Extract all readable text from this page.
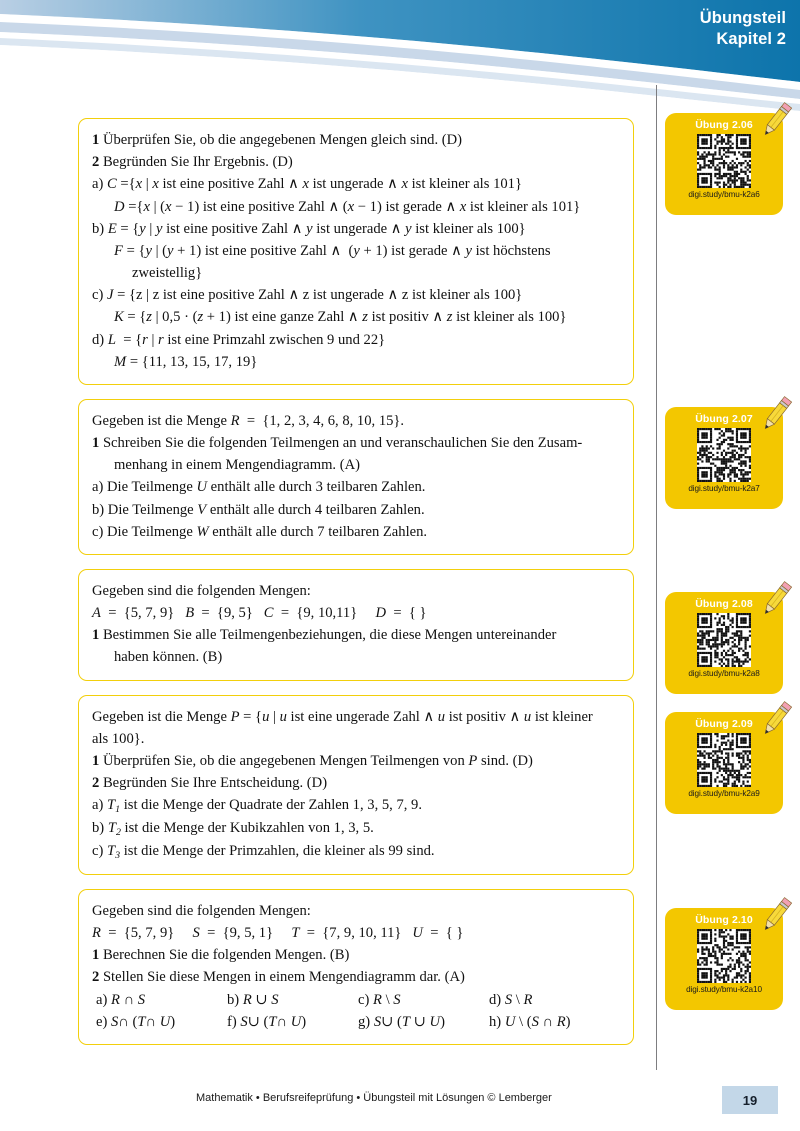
Übungsteil
Kapitel 2
1 Überprüfen Sie, ob die angegebenen Mengen gleich sind. (D)
2 Begründen Sie Ihr Ergebnis. (D)
a) C ={x | x ist eine positive Zahl ∧ x ist ungerade ∧ x ist kleiner als 101}
D ={x | (x − 1) ist eine positive Zahl ∧ (x − 1) ist gerade ∧ x ist kleiner als 101}
b) E = {y | y ist eine positive Zahl ∧ y ist ungerade ∧ y ist kleiner als 100}
F = {y | (y + 1) ist eine positive Zahl ∧  (y + 1) ist gerade ∧ y ist höchstens
zweistellig}
c) J = {z | z ist eine positive Zahl ∧ z ist ungerade ∧ z ist kleiner als 100}
K = {z | 0,5 · (z + 1) ist eine ganze Zahl ∧ z ist positiv ∧ z ist kleiner als 100}
d) L  = {r | r ist eine Primzahl zwischen 9 und 22}
M = {11, 13, 15, 17, 19}
Gegeben ist die Menge R  =  {1, 2, 3, 4, 6, 8, 10, 15}.
1 Schreiben Sie die folgenden Teilmengen an und veranschaulichen Sie den Zusam-
menhang in einem Mengendiagramm. (A)
a) Die Teilmenge U enthält alle durch 3 teilbaren Zahlen.
b) Die Teilmenge V enthält alle durch 4 teilbaren Zahlen.
c) Die Teilmenge W enthält alle durch 7 teilbaren Zahlen.
Gegeben sind die folgenden Mengen:
A  =  {5, 7, 9}   B  =  {9, 5}   C  =  {9, 10,11}     D  =  { }
1 Bestimmen Sie alle Teilmengenbeziehungen, die diese Mengen untereinander
haben können. (B)
Gegeben ist die Menge P = {u | u ist eine ungerade Zahl ∧ u ist positiv ∧ u ist kleiner
als 100}.
1 Überprüfen Sie, ob die angegebenen Mengen Teilmengen von P sind. (D)
2 Begründen Sie Ihre Entscheidung. (D)
a) $T_1$ ist die Menge der Quadrate der Zahlen 1, 3, 5, 7, 9.
b) $T_2$ ist die Menge der Kubikzahlen von 1, 3, 5.
c) $T_3$ ist die Menge der Primzahlen, die kleiner als 99 sind.
Gegeben sind die folgenden Mengen:
R  =  {5, 7, 9}     S  =  {9, 5, 1}     T  =  {7, 9, 10, 11}   U  =  { }
1 Berechnen Sie die folgenden Mengen. (B)
2 Stellen Sie diese Mengen in einem Mengendiagramm dar. (A)
a) R ∩ S	b) R ∪ S	c) R \ S	d) S \ R
e) S∩ (T∩ U)	f) S∪ (T∩ U)	g) S∪ (T ∪ U)	h) U \ (S ∩ R)
Übung 2.06
digi.study/bmu-k2a6
Übung 2.07
digi.study/bmu-k2a7
Übung 2.08
digi.study/bmu-k2a8
Übung 2.09
digi.study/bmu-k2a9
Übung 2.10
digi.study/bmu-k2a10
Mathematik • Berufsreifeprüfung • Übungsteil mit Lösungen © Lemberger	19
